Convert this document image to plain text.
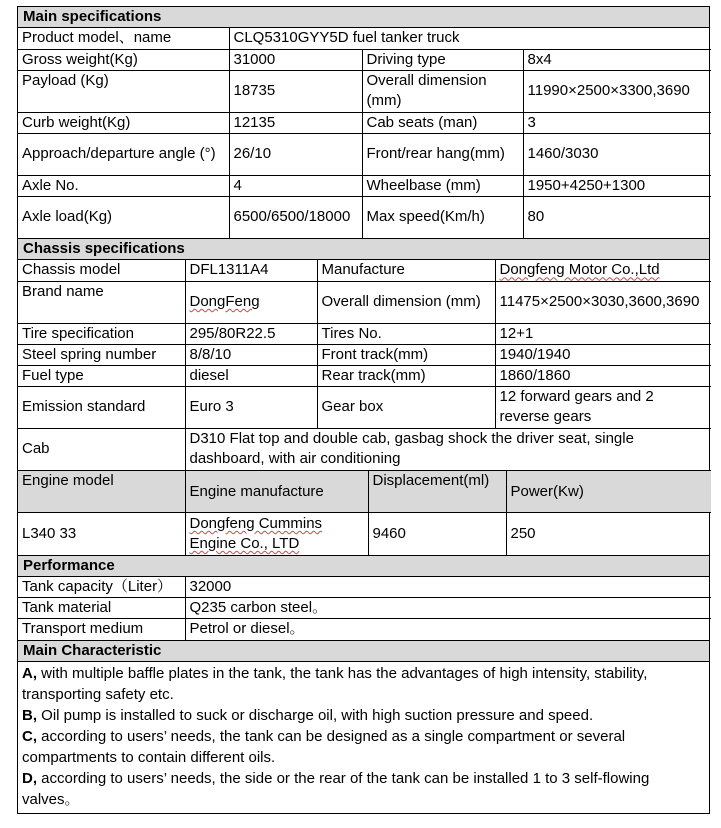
Main specifications
Product model、name	CLQ5310GYY5D fuel tanker truck		
Gross weight(Kg)	31000	Driving type	8x4
Payload (Kg)	18735	Overall dimension (mm)	11990×2500×3300,3690
Curb weight(Kg)	12135	Cab seats (man)	3
Approach/departure angle (°)	26/10	Front/rear hang(mm)	1460/3030
Axle No.	4	Wheelbase (mm)	1950+4250+1300
Axle load(Kg)	6500/6500/18000	Max speed(Km/h)	80
Chassis specifications
Chassis model	DFL1311A4	Manufacture	Dongfeng Motor Co.,Ltd
Brand name	DongFeng	Overall dimension (mm)	11475×2500×3030,3600,3690
Tire specification	295/80R22.5	Tires No.	12+1
Steel spring number	8/8/10	Front track(mm)	1940/1940
Fuel type	diesel	Rear track(mm)	1860/1860
Emission standard	Euro 3	Gear box	12 forward gears and 2 reverse gears
Cab	D310 Flat top and double cab, gasbag shock the driver seat, single dashboard, with air conditioning		
Engine model	Engine manufacture	Displacement(ml)	Power(Kw)
L340 33	Dongfeng Cummins Engine Co., LTD	9460	250
Performance
Tank capacity（Liter）	32000
Tank material	Q235 carbon steel。
Transport medium	Petrol or diesel。
Main Characteristic
A, with multiple baffle plates in the tank, the tank has the advantages of high intensity, stability, transporting safety etc.
B, Oil pump is installed to suck or discharge oil, with high suction pressure and speed.
C, according to users’ needs, the tank can be designed as a single compartment or several compartments to contain different oils.
D, according to users’ needs, the side or the rear of the tank can be installed 1 to 3 self-flowing valves。
